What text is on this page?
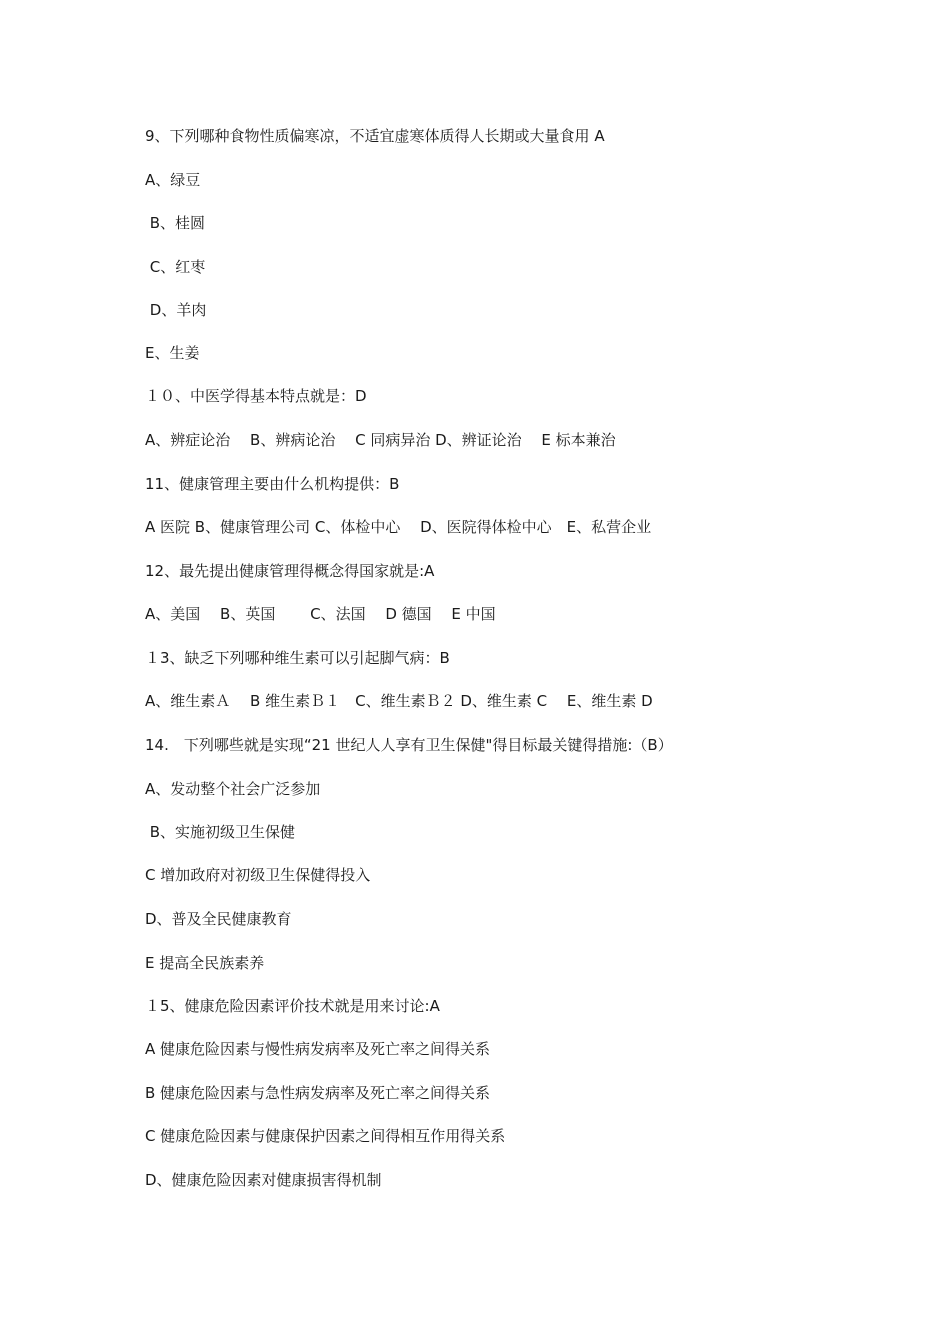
9、下列哪种食物性质偏寒凉，不适宜虚寒体质得人长期或大量食用 A
A、绿豆
B、桂圆
C、红枣
D、羊肉
E、生姜
１０、中医学得基本特点就是：D
A、辨症论治　 B、辨病论治　 C 同病异治 D、辨证论治　 E 标本兼治
11、健康管理主要由什么机构提供：B
A 医院 B、健康管理公司 C、体检中心　 D、医院得体检中心　E、私营企业
12、最先提出健康管理得概念得国家就是:A
A、美国　 B、英国　　 C、法国　 D 德国　 E 中国
１3、缺乏下列哪种维生素可以引起脚气病：B
A、维生素Ａ　 B 维生素Ｂ１　C、维生素Ｂ２ D、维生素 C　 E、维生素 D
14.　下列哪些就是实现“21 世纪人人享有卫生保健"得目标最关键得措施:（B）
A、发动整个社会广泛参加
B、实施初级卫生保健
C 增加政府对初级卫生保健得投入
D、普及全民健康教育
E 提高全民族素养
１5、健康危险因素评价技术就是用来讨论:A
A 健康危险因素与慢性病发病率及死亡率之间得关系
B 健康危险因素与急性病发病率及死亡率之间得关系
C 健康危险因素与健康保护因素之间得相互作用得关系
D、健康危险因素对健康损害得机制
